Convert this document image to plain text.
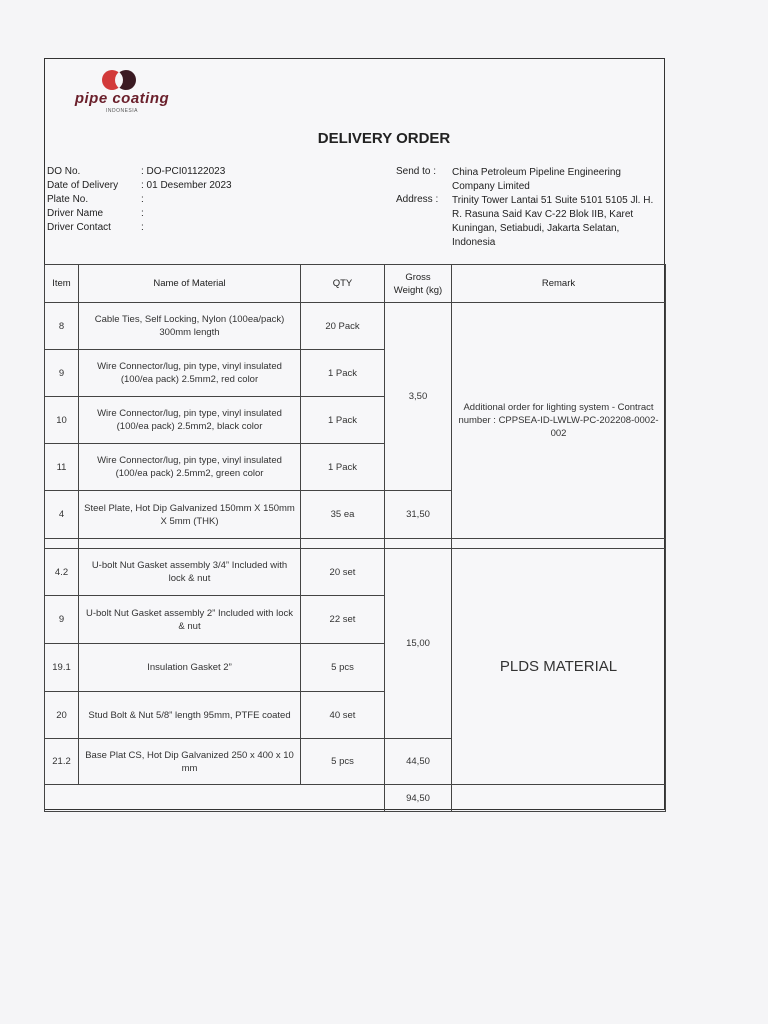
pipe coating
INDONESIA
DELIVERY ORDER
DO No.	: DO-PCI01122023
Date of Delivery	: 01 Desember 2023
Plate No.	:
Driver Name	:
Driver Contact	:
Send to :	China Petroleum Pipeline Engineering Company Limited
Address :	Trinity Tower Lantai 51 Suite 5101 5105 Jl. H. R. Rasuna Said Kav C-22 Blok IIB, Karet Kuningan, Setiabudi, Jakarta Selatan, Indonesia
Item	Name of Material	QTY	Gross Weight (kg)	Remark
8	Cable Ties, Self Locking, Nylon (100ea/pack) 300mm length	20 Pack	3,50	Additional order for lighting system - Contract number : CPPSEA-ID-LWLW-PC-202208-0002-002
9	Wire Connector/lug, pin type, vinyl insulated (100/ea pack) 2.5mm2, red color	1 Pack		
10	Wire Connector/lug, pin type, vinyl insulated (100/ea pack) 2.5mm2, black color	1 Pack		
11	Wire Connector/lug, pin type, vinyl insulated (100/ea pack) 2.5mm2, green color	1 Pack		
4	Steel Plate, Hot Dip Galvanized 150mm X 150mm X 5mm (THK)	35 ea	31,50	

4.2	U-bolt Nut Gasket assembly 3/4” Included with lock & nut	20 set	15,00	PLDS MATERIAL
9	U-bolt Nut Gasket assembly 2” Included with lock & nut	22 set		
19.1	Insulation Gasket 2”	5 pcs		
20	Stud Bolt & Nut 5/8” length 95mm, PTFE coated	40 set		
21.2	Base Plat CS, Hot Dip Galvanized 250 x 400 x 10 mm	5 pcs	44,50	
			94,50	
